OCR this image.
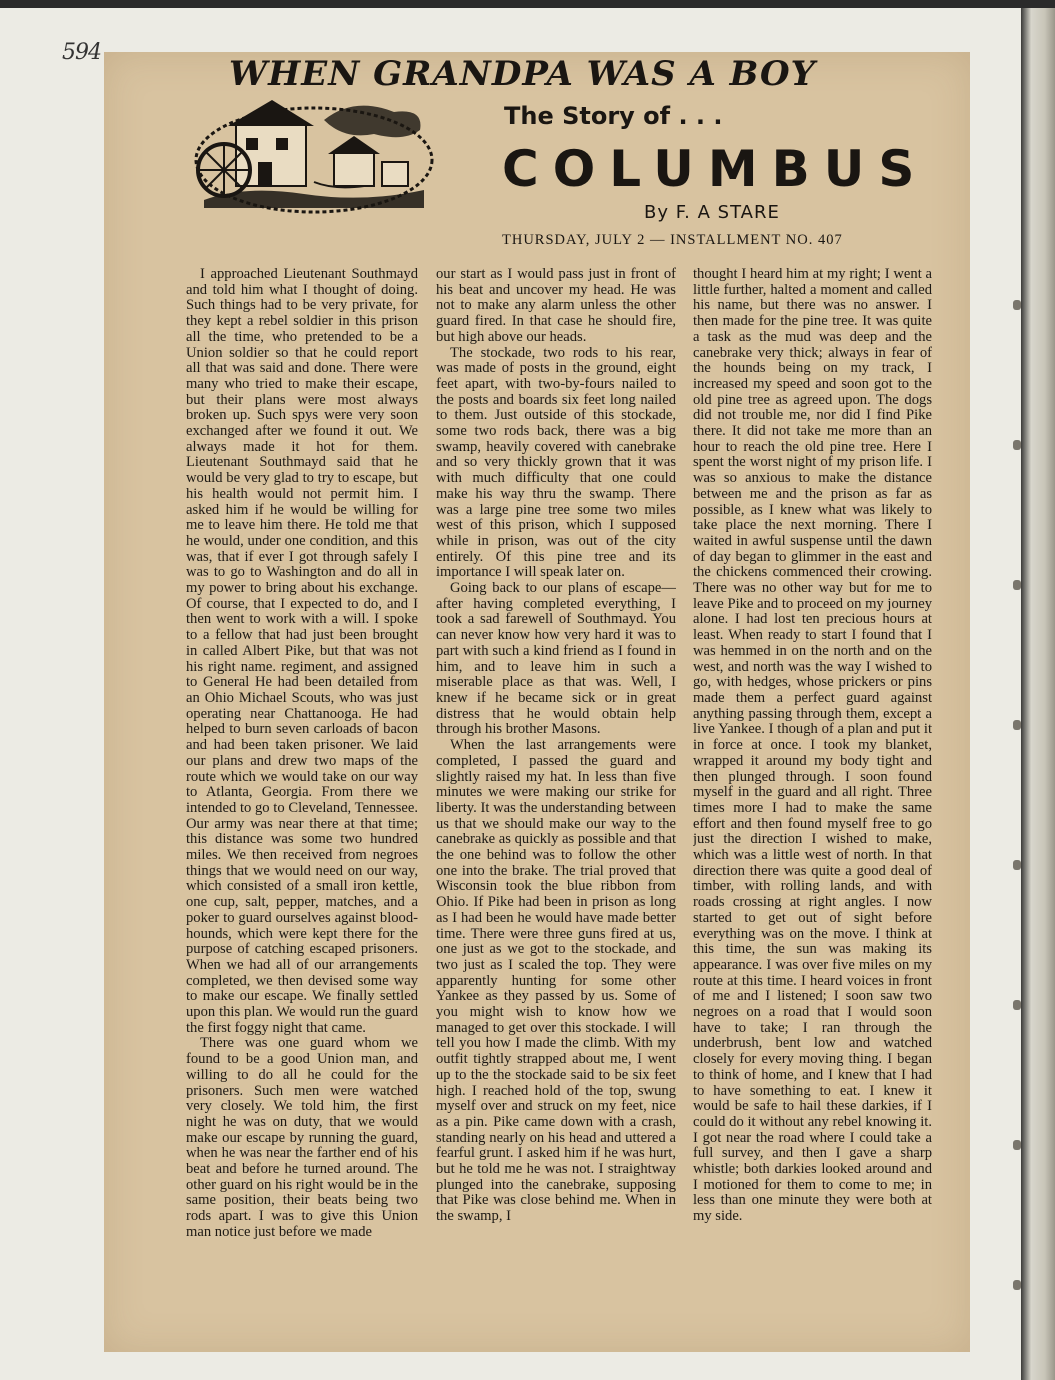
594
WHEN GRANDPA WAS A BOY
The Story of . . .
COLUMBUS
By F. A STARE
THURSDAY, JULY 2 — INSTALLMENT NO. 407

I approached Lieutenant Southmayd and told him what I thought of doing. Such things had to be very private, for they kept a rebel soldier in this prison all the time, who pretended to be a Union soldier so that he could report all that was said and done. There were many who tried to make their escape, but their plans were most always broken up. Such spys were very soon exchanged after we found it out. We always made it hot for them. Lieutenant Southmayd said that he would be very glad to try to escape, but his health would not permit him. I asked him if he would be willing for me to leave him there. He told me that he would, under one condition, and this was, that if ever I got through safely I was to go to Washington and do all in my power to bring about his exchange. Of course, that I expected to do, and I then went to work with a will. I spoke to a fellow that had just been brought in called Albert Pike, but that was not his right name. regiment, and assigned to General He had been detailed from an Ohio Michael Scouts, who was just operating near Chattanooga. He had helped to burn seven carloads of bacon and had been taken prisoner. We laid our plans and drew two maps of the route which we would take on our way to Atlanta, Georgia. From there we intended to go to Cleveland, Tennessee. Our army was near there at that time; this distance was some two hundred miles. We then received from negroes things that we would need on our way, which consisted of a small iron kettle, one cup, salt, pepper, matches, and a poker to guard ourselves against blood-hounds, which were kept there for the purpose of catching escaped prisoners. When we had all of our arrangements completed, we then devised some way to make our escape. We finally settled upon this plan. We would run the guard the first foggy night that came.

There was one guard whom we found to be a good Union man, and willing to do all he could for the prisoners. Such men were watched very closely. We told him, the first night he was on duty, that we would make our escape by running the guard, when he was near the farther end of his beat and before he turned around. The other guard on his right would be in the same position, their beats being two rods apart. I was to give this Union man notice just before we made

our start as I would pass just in front of his beat and uncover my head. He was not to make any alarm unless the other guard fired. In that case he should fire, but high above our heads.

The stockade, two rods to his rear, was made of posts in the ground, eight feet apart, with two-by-fours nailed to the posts and boards six feet long nailed to them. Just outside of this stockade, some two rods back, there was a big swamp, heavily covered with canebrake and so very thickly grown that it was with much difficulty that one could make his way thru the swamp. There was a large pine tree some two miles west of this prison, which I supposed while in prison, was out of the city entirely. Of this pine tree and its importance I will speak later on.

Going back to our plans of escape—after having completed everything, I took a sad farewell of Southmayd. You can never know how very hard it was to part with such a kind friend as I found in him, and to leave him in such a miserable place as that was. Well, I knew if he became sick or in great distress that he would obtain help through his brother Masons.

When the last arrangements were completed, I passed the guard and slightly raised my hat. In less than five minutes we were making our strike for liberty. It was the understanding between us that we should make our way to the canebrake as quickly as possible and that the one behind was to follow the other one into the brake. The trial proved that Wisconsin took the blue ribbon from Ohio. If Pike had been in prison as long as I had been he would have made better time. There were three guns fired at us, one just as we got to the stockade, and two just as I scaled the top. They were apparently hunting for some other Yankee as they passed by us. Some of you might wish to know how we managed to get over this stockade. I will tell you how I made the climb. With my outfit tightly strapped about me, I went up to the the stockade said to be six feet high. I reached hold of the top, swung myself over and struck on my feet, nice as a pin. Pike came down with a crash, standing nearly on his head and uttered a fearful grunt. I asked him if he was hurt, but he told me he was not. I straightway plunged into the canebrake, supposing that Pike was close behind me. When in the swamp, I

thought I heard him at my right; I went a little further, halted a moment and called his name, but there was no answer. I then made for the pine tree. It was quite a task as the mud was deep and the canebrake very thick; always in fear of the hounds being on my track, I increased my speed and soon got to the old pine tree as agreed upon. The dogs did not trouble me, nor did I find Pike there. It did not take me more than an hour to reach the old pine tree. Here I spent the worst night of my prison life. I was so anxious to make the distance between me and the prison as far as possible, as I knew what was likely to take place the next morning. There I waited in awful suspense until the dawn of day began to glimmer in the east and the chickens commenced their crowing. There was no other way but for me to leave Pike and to proceed on my journey alone. I had lost ten precious hours at least. When ready to start I found that I was hemmed in on the north and on the west, and north was the way I wished to go, with hedges, whose prickers or pins made them a perfect guard against anything passing through them, except a live Yankee. I though of a plan and put it in force at once. I took my blanket, wrapped it around my body tight and then plunged through. I soon found myself in the guard and all right. Three times more I had to make the same effort and then found myself free to go just the direction I wished to make, which was a little west of north. In that direction there was quite a good deal of timber, with rolling lands, and with roads crossing at right angles. I now started to get out of sight before everything was on the move. I think at this time, the sun was making its appearance. I was over five miles on my route at this time. I heard voices in front of me and I listened; I soon saw two negroes on a road that I would soon have to take; I ran through the underbrush, bent low and watched closely for every moving thing. I began to think of home, and I knew that I had to have something to eat. I knew it would be safe to hail these darkies, if I could do it without any rebel knowing it. I got near the road where I could take a full survey, and then I gave a sharp whistle; both darkies looked around and I motioned for them to come to me; in less than one minute they were both at my side.
